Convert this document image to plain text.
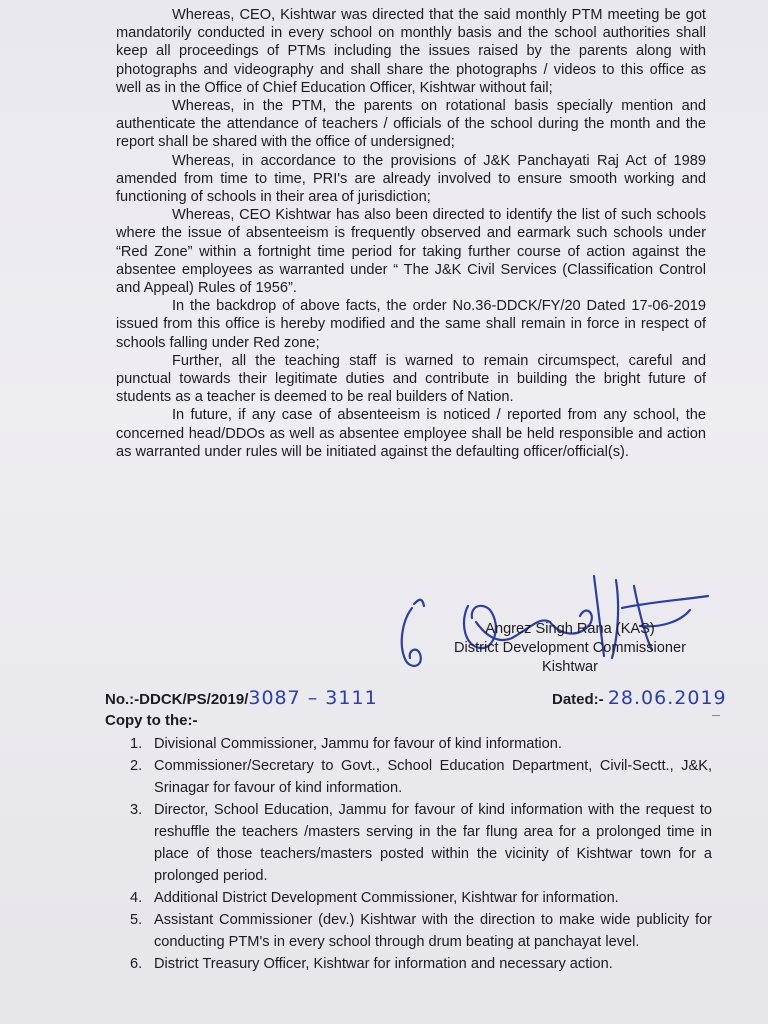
Whereas, CEO, Kishtwar was directed that the said monthly PTM meeting be got mandatorily conducted in every school on monthly basis and the school authorities shall keep all proceedings of PTMs including the issues raised by the parents along with photographs and videography and shall share the photographs / videos to this office as well as in the Office of Chief Education Officer, Kishtwar without fail;

Whereas, in the PTM, the parents on rotational basis specially mention and authenticate the attendance of teachers / officials of the school during the month and the report shall be shared with the office of undersigned;

Whereas, in accordance to the provisions of J&K Panchayati Raj Act of 1989 amended from time to time, PRI's are already involved to ensure smooth working and functioning of schools in their area of jurisdiction;

Whereas, CEO Kishtwar has also been directed to identify the list of such schools where the issue of absenteeism is frequently observed and earmark such schools under “Red Zone” within a fortnight time period for taking further course of action against the absentee employees as warranted under “ The J&K Civil Services (Classification Control and Appeal) Rules of 1956”.

In the backdrop of above facts, the order No.36-DDCK/FY/20 Dated 17-06-2019 issued from this office is hereby modified and the same shall remain in force in respect of schools falling under Red zone;

Further, all the teaching staff is warned to remain circumspect, careful and punctual towards their legitimate duties and contribute in building the bright future of students as a teacher is deemed to be real builders of Nation.

In future, if any case of absenteeism is noticed / reported from any school, the concerned head/DDOs as well as absentee employee shall be held responsible and action as warranted under rules will be initiated against the defaulting officer/official(s).

Angrez Singh Rana (KAS)
District Development Commissioner
Kishtwar
No.:-DDCK/PS/2019/3087 – 3111	Dated:- 28.06.2019
Copy to the:-
1. Divisional Commissioner, Jammu for favour of kind information.
2. Commissioner/Secretary to Govt., School Education Department, Civil-Sectt., J&K, Srinagar for favour of kind information.
3. Director, School Education, Jammu for favour of kind information with the request to reshuffle the teachers /masters serving in the far flung area for a prolonged time in place of those teachers/masters posted within the vicinity of Kishtwar town for a prolonged period.
4. Additional District Development Commissioner, Kishtwar for information.
5. Assistant Commissioner (dev.) Kishtwar with the direction to make wide publicity for conducting PTM's in every school through drum beating at panchayat level.
6. District Treasury Officer, Kishtwar for information and necessary action.
